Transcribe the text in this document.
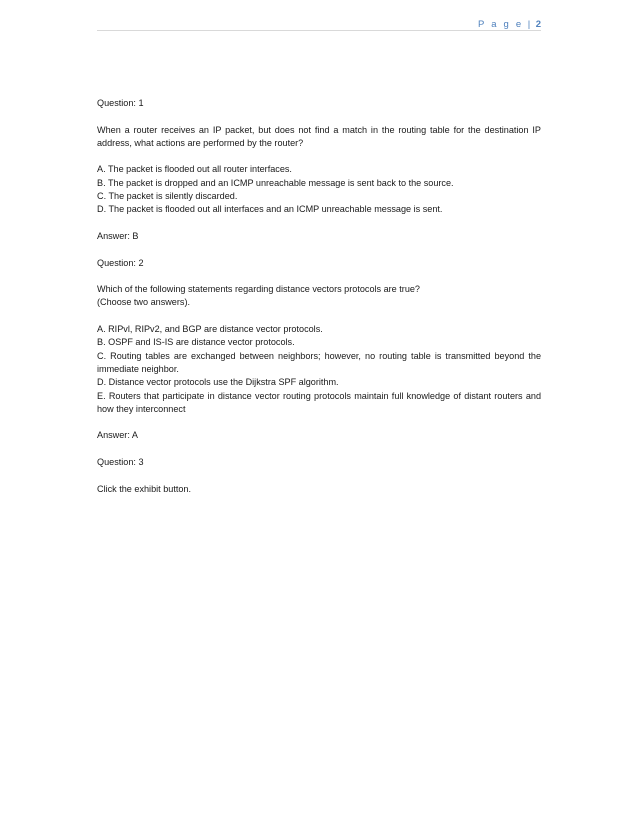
P a g e | 2
Question: 1
When a router receives an IP packet, but does not find a match in the routing table for the destination IP address, what actions are performed by the router?
A. The packet is flooded out all router interfaces.
B. The packet is dropped and an ICMP unreachable message is sent back to the source.
C. The packet is silently discarded.
D. The packet is flooded out all interfaces and an ICMP unreachable message is sent.
Answer: B
Question: 2
Which of the following statements regarding distance vectors protocols are true?
(Choose two answers).
A. RIPvl, RIPv2, and BGP are distance vector protocols.
B. OSPF and IS-IS are distance vector protocols.
C. Routing tables are exchanged between neighbors; however, no routing table is transmitted beyond the immediate neighbor.
D. Distance vector protocols use the Dijkstra SPF algorithm.
E. Routers that participate in distance vector routing protocols maintain full knowledge of distant routers and how they interconnect
Answer: A
Question: 3
Click the exhibit button.
